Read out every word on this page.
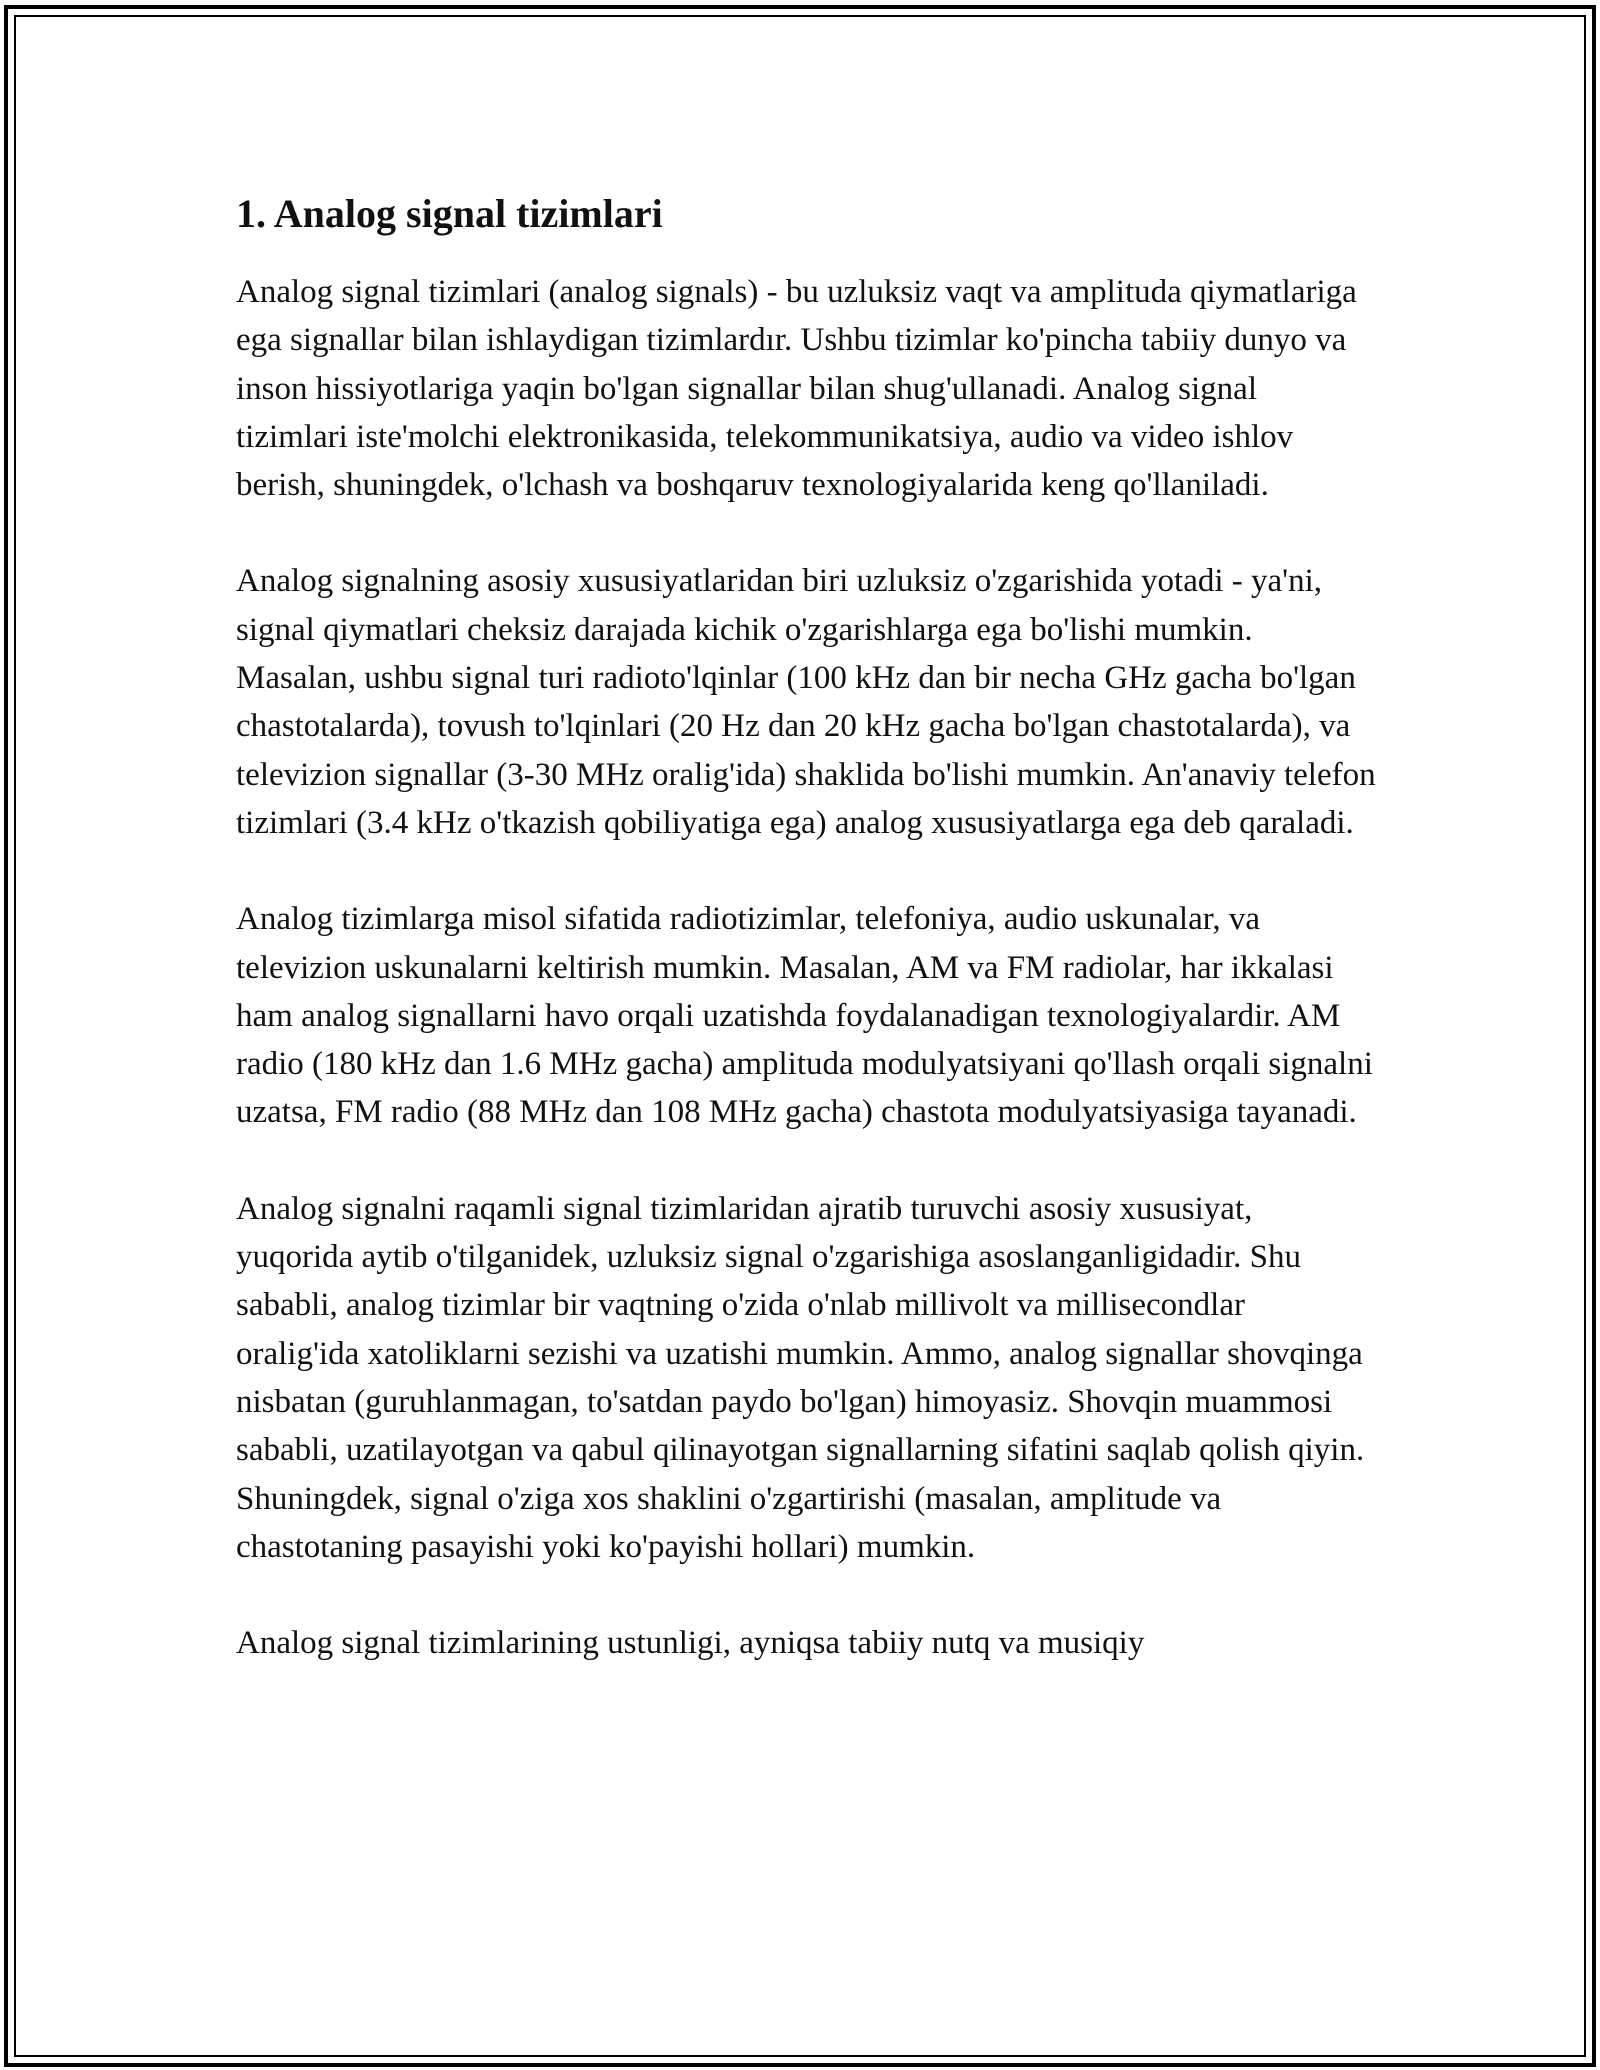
1. Analog signal tizimlari

Analog signal tizimlari (analog signals) - bu uzluksiz vaqt va amplituda qiymatlariga ega signallar bilan ishlaydigan tizimlardır. Ushbu tizimlar ko'pincha tabiiy dunyo va inson hissiyotlariga yaqin bo'lgan signallar bilan shug'ullanadi. Analog signal tizimlari iste'molchi elektronikasida, telekommunikatsiya, audio va video ishlov berish, shuningdek, o'lchash va boshqaruv texnologiyalarida keng qo'llaniladi.

Analog signalning asosiy xususiyatlaridan biri uzluksiz o'zgarishida yotadi - ya'ni, signal qiymatlari cheksiz darajada kichik o'zgarishlarga ega bo'lishi mumkin. Masalan, ushbu signal turi radioto'lqinlar (100 kHz dan bir necha GHz gacha bo'lgan chastotalarda), tovush to'lqinlari (20 Hz dan 20 kHz gacha bo'lgan chastotalarda), va televizion signallar (3-30 MHz oralig'ida) shaklida bo'lishi mumkin. An'anaviy telefon tizimlari (3.4 kHz o'tkazish qobiliyatiga ega) analog xususiyatlarga ega deb qaraladi.

Analog tizimlarga misol sifatida radiotizimlar, telefoniya, audio uskunalar, va televizion uskunalarni keltirish mumkin. Masalan, AM va FM radiolar, har ikkalasi ham analog signallarni havo orqali uzatishda foydalanadigan texnologiyalardir. AM radio (180 kHz dan 1.6 MHz gacha) amplituda modulyatsiyani qo'llash orqali signalni uzatsa, FM radio (88 MHz dan 108 MHz gacha) chastota modulyatsiyasiga tayanadi.

Analog signalni raqamli signal tizimlaridan ajratib turuvchi asosiy xususiyat, yuqorida aytib o'tilganidek, uzluksiz signal o'zgarishiga asoslanganligidadir. Shu sababli, analog tizimlar bir vaqtning o'zida o'nlab millivolt va millisecondlar oralig'ida xatoliklarni sezishi va uzatishi mumkin. Ammo, analog signallar shovqinga nisbatan (guruhlanmagan, to'satdan paydo bo'lgan) himoyasiz. Shovqin muammosi sababli, uzatilayotgan va qabul qilinayotgan signallarning sifatini saqlab qolish qiyin. Shuningdek, signal o'ziga xos shaklini o'zgartirishi (masalan, amplitude va chastotaning pasayishi yoki ko'payishi hollari) mumkin.

Analog signal tizimlarining ustunligi, ayniqsa tabiiy nutq va musiqiy
